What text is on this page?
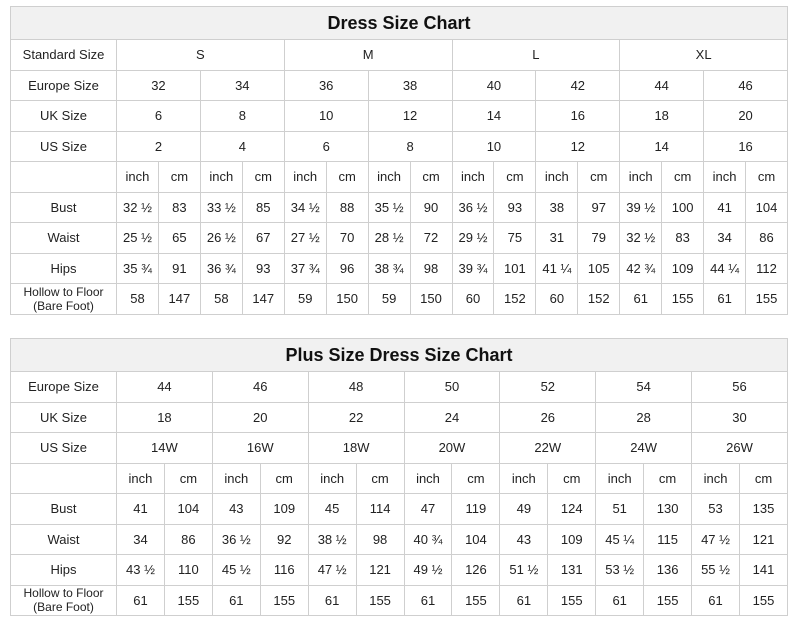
Dress Size Chart
Standard Size	S				M				L				XL			
Europe Size	32		34		36		38		40		42		44		46	
UK Size	6		8		10		12		14		16		18		20	
US Size	2		4		6		8		10		12		14		16	
	inch	cm	inch	cm	inch	cm	inch	cm	inch	cm	inch	cm	inch	cm	inch	cm
Bust	32 ½	83	33 ½	85	34 ½	88	35 ½	90	36 ½	93	38	97	39 ½	100	41	104
Waist	25 ½	65	26 ½	67	27 ½	70	28 ½	72	29 ½	75	31	79	32 ½	83	34	86
Hips	35 ¾	91	36 ¾	93	37 ¾	96	38 ¾	98	39 ¾	101	41 ¼	105	42 ¾	109	44 ¼	112
Hollow to Floor
(Bare Foot)	58	147	58	147	59	150	59	150	60	152	60	152	61	155	61	155
Plus Size Dress Size Chart
Europe Size	44		46		48		50		52		54		56	
UK Size	18		20		22		24		26		28		30	
US Size	14W		16W		18W		20W		22W		24W		26W	
	inch	cm	inch	cm	inch	cm	inch	cm	inch	cm	inch	cm	inch	cm
Bust	41	104	43	109	45	114	47	119	49	124	51	130	53	135
Waist	34	86	36 ½	92	38 ½	98	40 ¾	104	43	109	45 ¼	115	47 ½	121
Hips	43 ½	110	45 ½	116	47 ½	121	49 ½	126	51 ½	131	53 ½	136	55 ½	141
Hollow to Floor
(Bare Foot)	61	155	61	155	61	155	61	155	61	155	61	155	61	155
